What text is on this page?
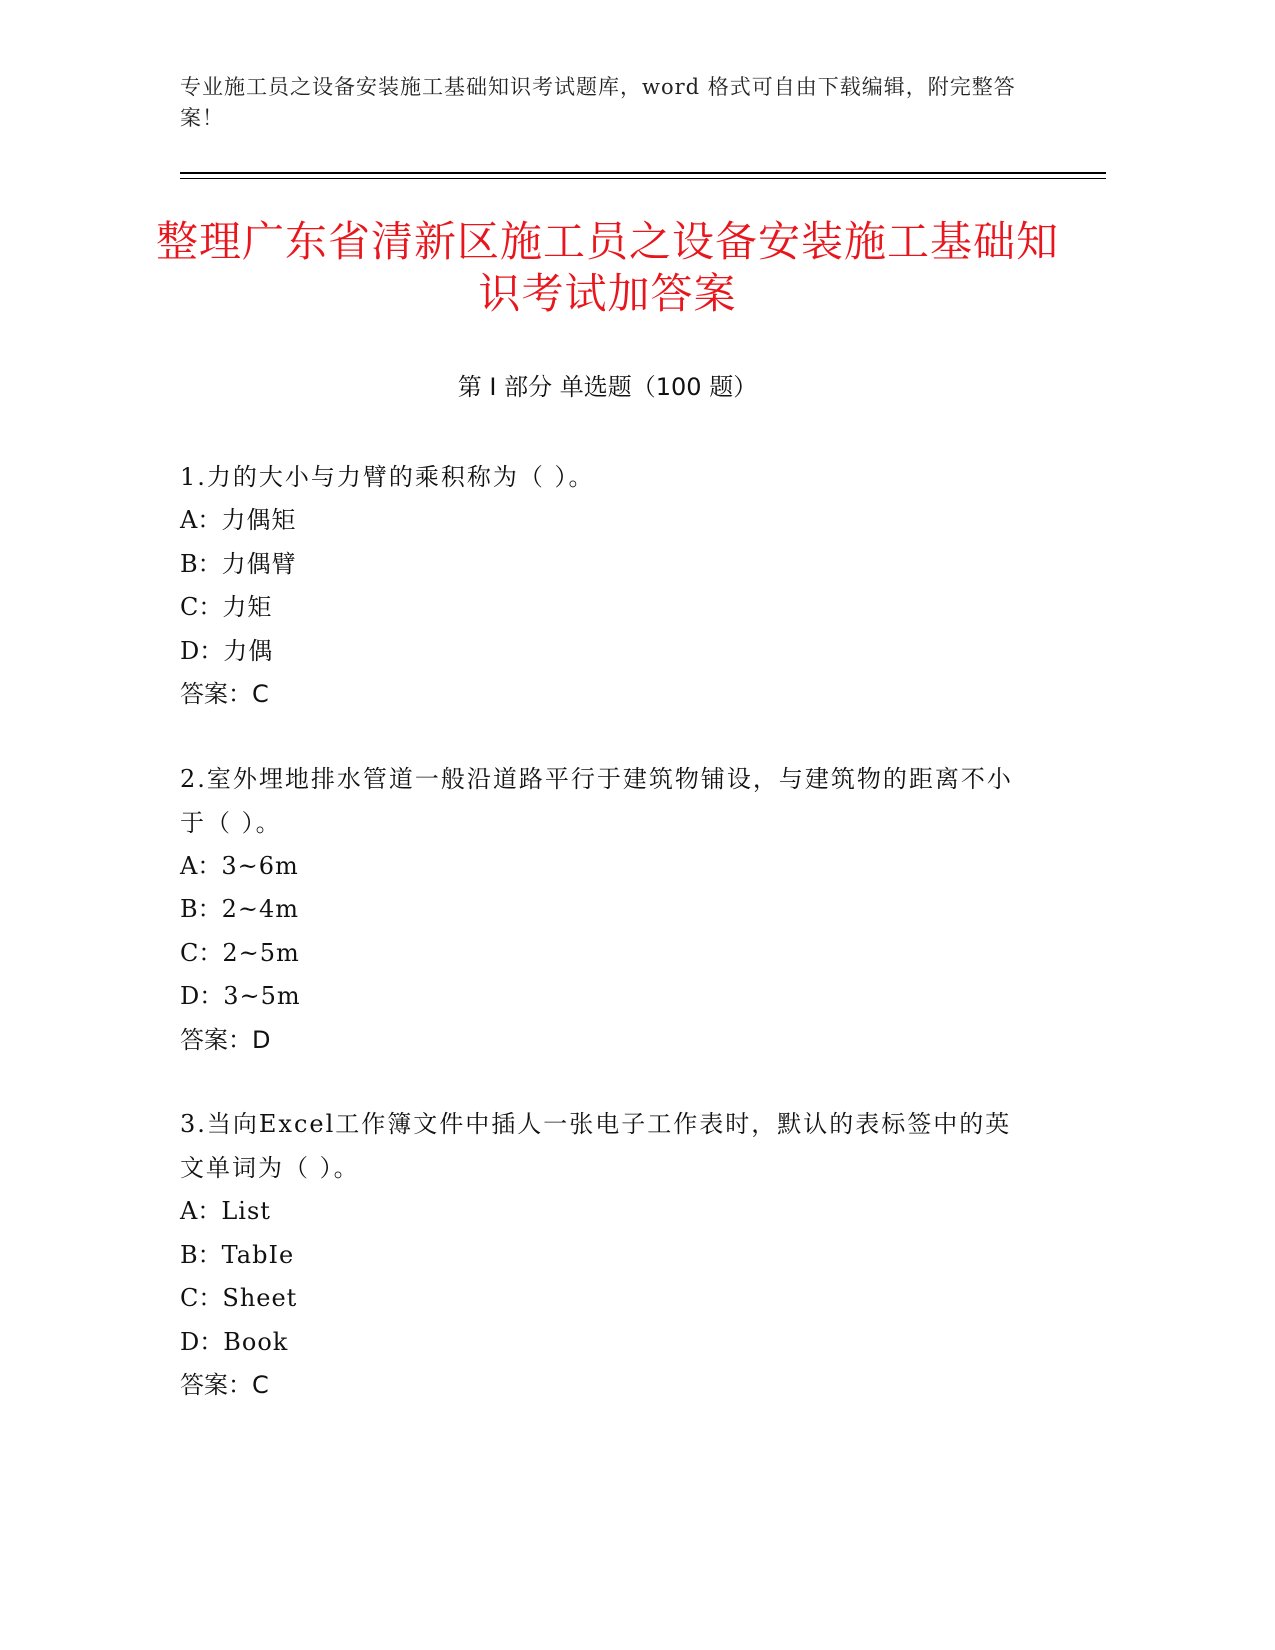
专业施工员之设备安装施工基础知识考试题库，word 格式可自由下载编辑，附完整答案！
整理广东省清新区施工员之设备安装施工基础知识考试加答案
第 I 部分 单选题（100 题）
1.力的大小与力臂的乘积称为（ ）。
A：力偶矩
B：力偶臂
C：力矩
D：力偶
答案：C
2.室外埋地排水管道一般沿道路平行于建筑物铺设，与建筑物的距离不小于（ ）。
A：3~6m
B：2~4m
C：2~5m
D：3~5m
答案：D
3.当向Excel工作簿文件中插人一张电子工作表时，默认的表标签中的英文单词为（ ）。
A：List
B：TabIe
C：Sheet
D：Book
答案：C
